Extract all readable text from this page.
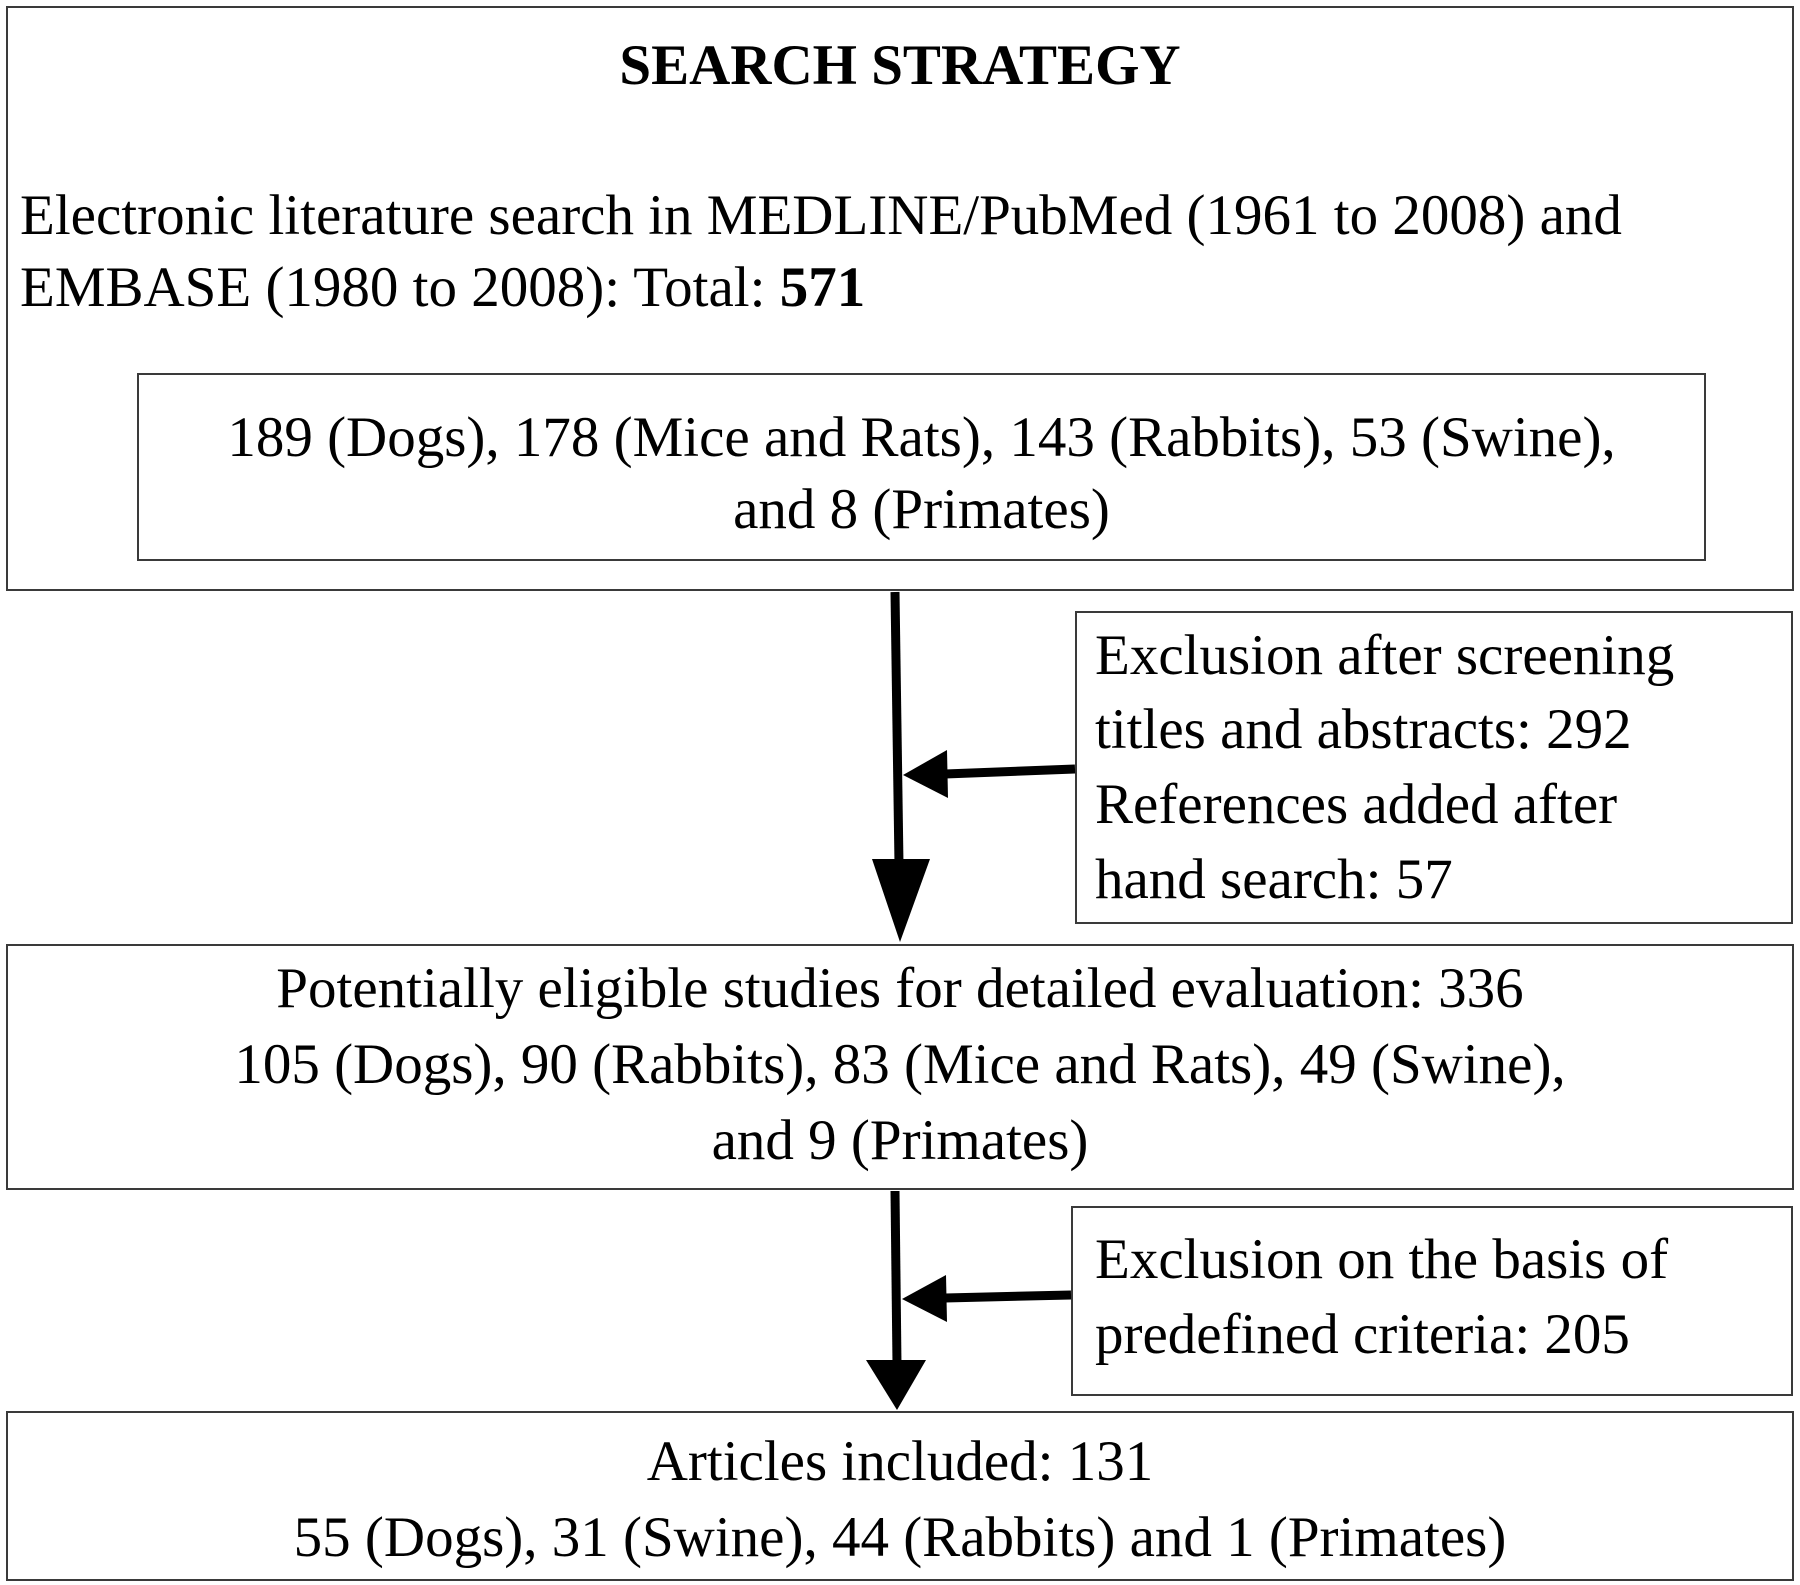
SEARCH STRATEGY
Electronic literature search in MEDLINE/PubMed (1961 to 2008) and
EMBASE (1980 to 2008): Total: 571
189 (Dogs), 178 (Mice and Rats), 143 (Rabbits), 53 (Swine),
and 8 (Primates)
Exclusion after screening
titles and abstracts: 292
References added after
hand search: 57
Potentially eligible studies for detailed evaluation: 336
105 (Dogs), 90 (Rabbits), 83 (Mice and Rats), 49 (Swine),
and 9 (Primates)
Exclusion on the basis of
predefined criteria: 205
Articles included: 131
55 (Dogs), 31 (Swine), 44 (Rabbits) and 1 (Primates)
